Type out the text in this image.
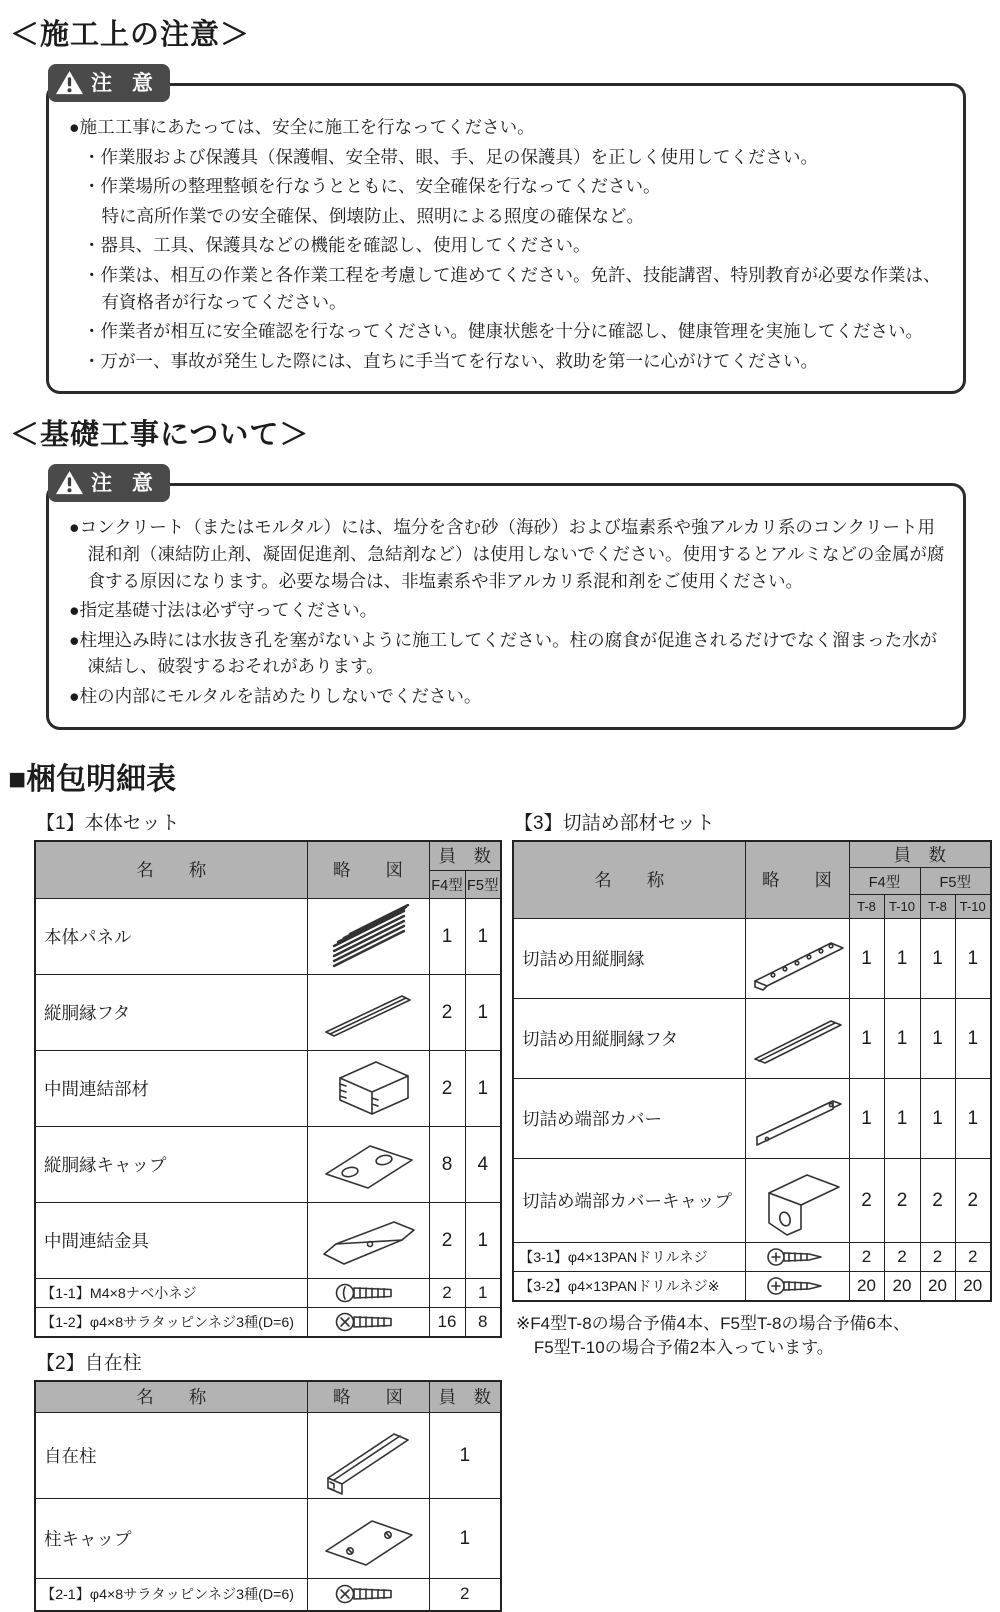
＜施工上の注意＞
注 意
●施工工事にあたっては、安全に施工を行なってください。
・作業服および保護具（保護帽、安全帯、眼、手、足の保護具）を正しく使用してください。
・作業場所の整理整頓を行なうとともに、安全確保を行なってください。
特に高所作業での安全確保、倒壊防止、照明による照度の確保など。
・器具、工具、保護具などの機能を確認し、使用してください。
・作業は、相互の作業と各作業工程を考慮して進めてください。免許、技能講習、特別教育が必要な作業は、有資格者が行なってください。
・作業者が相互に安全確認を行なってください。健康状態を十分に確認し、健康管理を実施してください。
・万が一、事故が発生した際には、直ちに手当てを行ない、救助を第一に心がけてください。
＜基礎工事について＞
注 意
●コンクリート（またはモルタル）には、塩分を含む砂（海砂）および塩素系や強アルカリ系のコンクリート用混和剤（凍結防止剤、凝固促進剤、急結剤など）は使用しないでください。使用するとアルミなどの金属が腐食する原因になります。必要な場合は、非塩素系や非アルカリ系混和剤をご使用ください。
●指定基礎寸法は必ず守ってください。
●柱埋込み時には水抜き孔を塞がないように施工してください。柱の腐食が促進されるだけでなく溜まった水が凍結し、破裂するおそれがあります。
●柱の内部にモルタルを詰めたりしないでください。
■梱包明細表
【1】本体セット
名　　称	略　　図	員　数	
		F4型	F5型
本体パネル		1	1
縦胴縁フタ		2	1
中間連結部材		2	1
縦胴縁キャップ		8	4
中間連結金具		2	1
【1-1】M4×8ナベ小ネジ		2	1
【1-2】φ4×8サラタッピンネジ3種(D=6)		16	8
【2】自在柱
名　　称	略　　図	員　数
自在柱		1
柱キャップ		1
【2-1】φ4×8サラタッピンネジ3種(D=6)		2
【3】切詰め部材セット
名　　称	略　　図	員　数			
		F4型		F5型	
		T-8	T-10	T-8	T-10
切詰め用縦胴縁		1	1	1	1
切詰め用縦胴縁フタ		1	1	1	1
切詰め端部カバー		1	1	1	1
切詰め端部カバーキャップ		2	2	2	2
【3-1】φ4×13PANドリルネジ		2	2	2	2
【3-2】φ4×13PANドリルネジ※		20	20	20	20
※F4型T-8の場合予備4本、F5型T-8の場合予備6本、
F5型T-10の場合予備2本入っています。
